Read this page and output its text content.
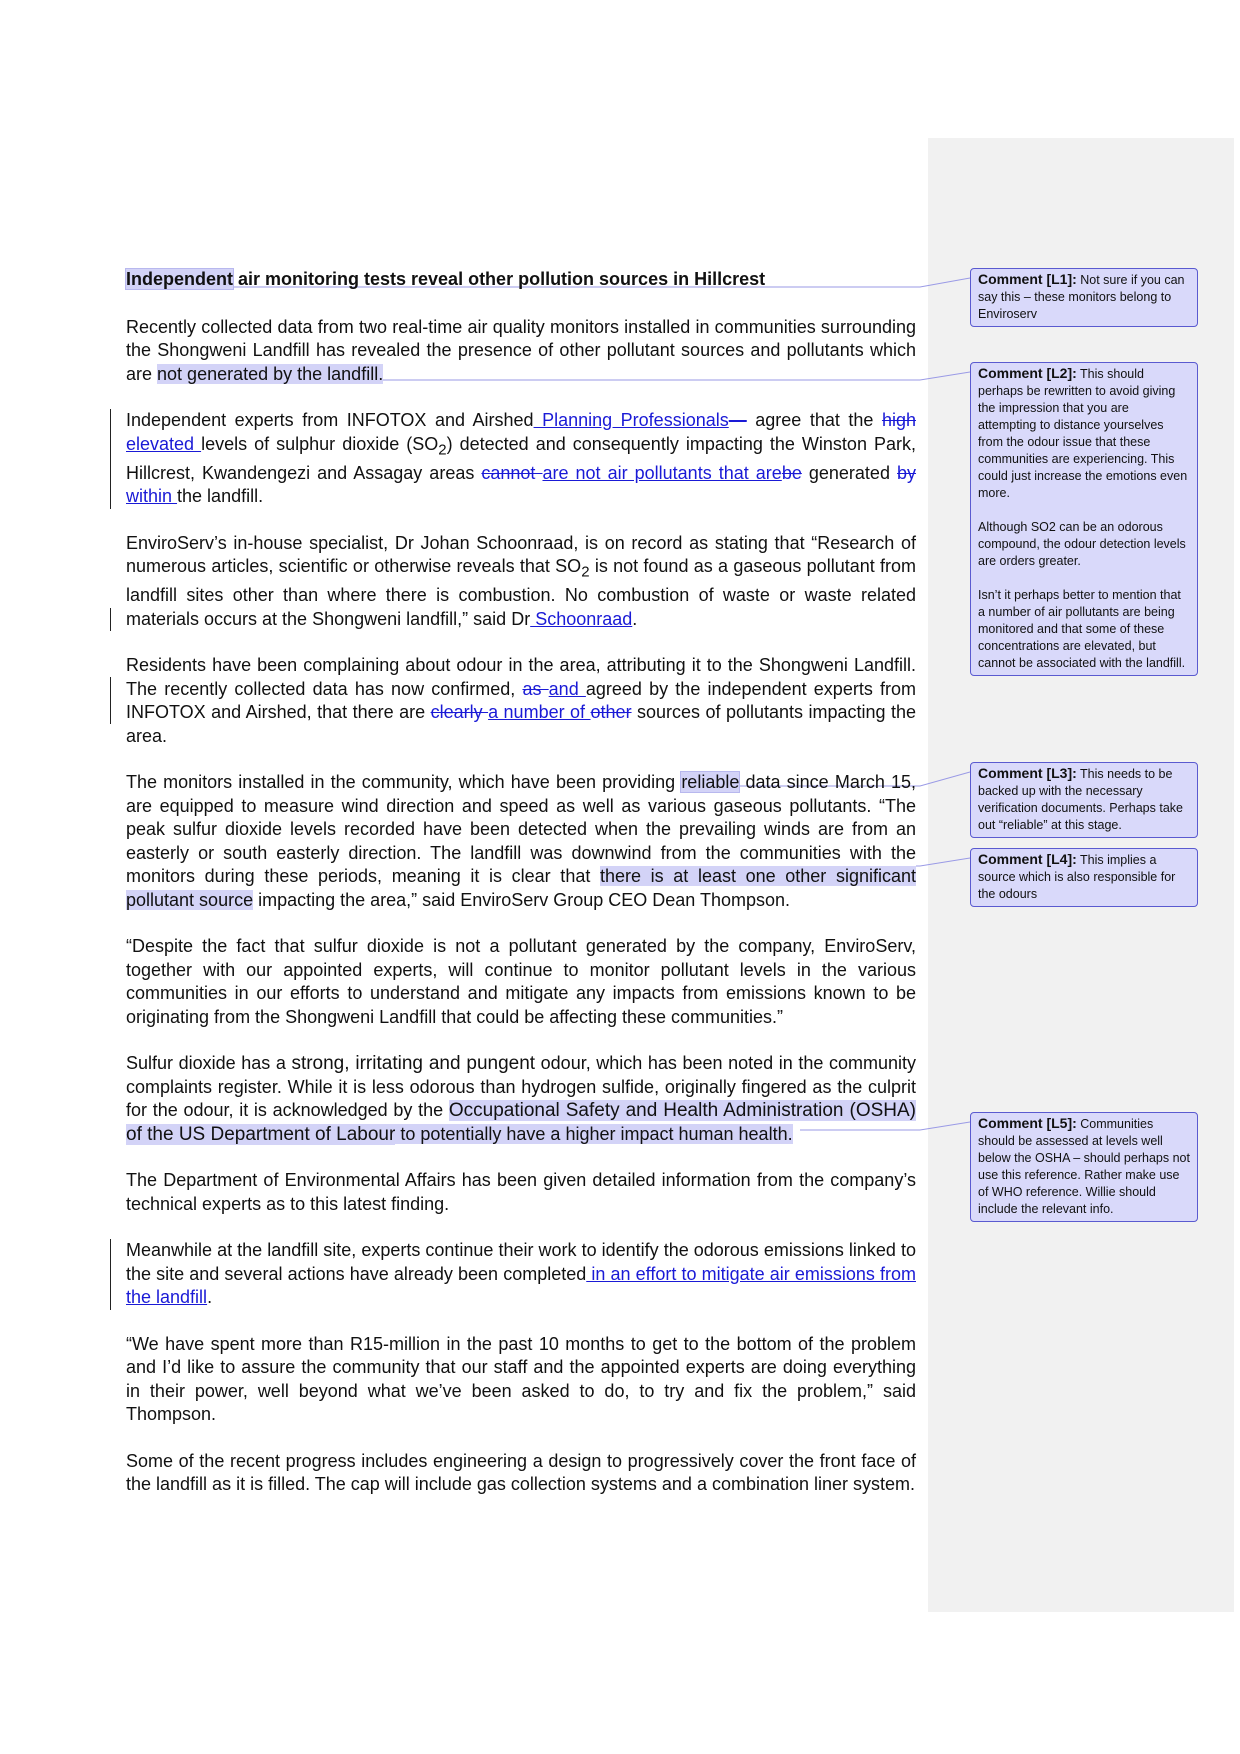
Independent air monitoring tests reveal other pollution sources in Hillcrest

Recently collected data from two real-time air quality monitors installed in communities surrounding the Shongweni Landfill has revealed the presence of other pollutant sources and pollutants which are not generated by the landfill.

Independent experts from INFOTOX and Airshed Planning Professionals— agree that the high elevated levels of sulphur dioxide $(SO_2)$ detected and consequently impacting the Winston Park, Hillcrest, Kwandengezi and Assagay areas cannot are not air pollutants that arebe generated by within the landfill.

EnviroServ’s in-house specialist, Dr Johan Schoonraad, is on record as stating that “Research of numerous articles, scientific or otherwise reveals that $SO_2$ is not found as a gaseous pollutant from landfill sites other than where there is combustion. No combustion of waste or waste related materials occurs at the Shongweni landfill,” said Dr Schoonraad.

Residents have been complaining about odour in the area, attributing it to the Shongweni Landfill. The recently collected data has now confirmed, as and agreed by the independent experts from INFOTOX and Airshed, that there are clearly a number of other sources of pollutants impacting the area.

The monitors installed in the community, which have been providing reliable data since March 15, are equipped to measure wind direction and speed as well as various gaseous pollutants. “The peak sulfur dioxide levels recorded have been detected when the prevailing winds are from an easterly or south easterly direction. The landfill was downwind from the communities with the monitors during these periods, meaning it is clear that there is at least one other significant pollutant source impacting the area,” said EnviroServ Group CEO Dean Thompson.

“Despite the fact that sulfur dioxide is not a pollutant generated by the company, EnviroServ, together with our appointed experts, will continue to monitor pollutant levels in the various communities in our efforts to understand and mitigate any impacts from emissions known to be originating from the Shongweni Landfill that could be affecting these communities.”

Sulfur dioxide has a strong, irritating and pungent odour, which has been noted in the community complaints register. While it is less odorous than hydrogen sulfide, originally fingered as the culprit for the odour, it is acknowledged by the Occupational Safety and Health Administration (OSHA) of the US Department of Labour to potentially have a higher impact human health.

The Department of Environmental Affairs has been given detailed information from the company’s technical experts as to this latest finding.

Meanwhile at the landfill site, experts continue their work to identify the odorous emissions linked to the site and several actions have already been completed in an effort to mitigate air emissions from the landfill.

“We have spent more than R15-million in the past 10 months to get to the bottom of the problem and I’d like to assure the community that our staff and the appointed experts are doing everything in their power, well beyond what we’ve been asked to do, to try and fix the problem,” said Thompson.

Some of the recent progress includes engineering a design to progressively cover the front face of the landfill as it is filled. The cap will include gas collection systems and a combination liner system.

Comment [L1]: Not sure if you can say this – these monitors belong to Enviroserv

Comment [L2]: This should perhaps be rewritten to avoid giving the impression that you are attempting to distance yourselves from the odour issue that these communities are experiencing. This could just increase the emotions even more.

Although SO2 can be an odorous compound, the odour detection levels are orders greater.

Isn’t it perhaps better to mention that a number of air pollutants are being monitored and that some of these concentrations are elevated, but cannot be associated with the landfill.

Comment [L3]: This needs to be backed up with the necessary verification documents. Perhaps take out “reliable” at this stage.

Comment [L4]: This implies a source which is also responsible for the odours

Comment [L5]: Communities should be assessed at levels well below the OSHA – should perhaps not use this reference. Rather make use of WHO reference. Willie should include the relevant info.
